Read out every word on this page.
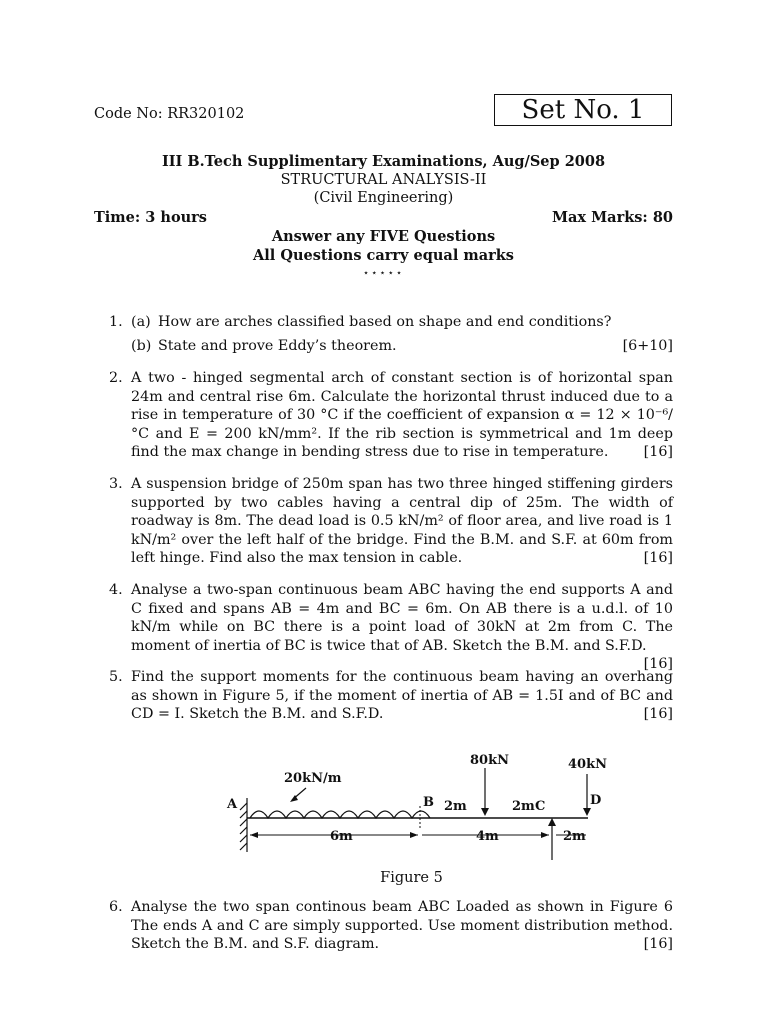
Code No: RR320102	Set No. 1
III B.Tech Supplimentary Examinations, Aug/Sep 2008
STRUCTURAL ANALYSIS-II
(Civil Engineering)
Time: 3 hours	Max Marks: 80
Answer any FIVE Questions
All Questions carry equal marks
⋆⋆⋆⋆⋆
1. (a) How are arches classified based on shape and end conditions?
(b) State and prove Eddy’s theorem.	[6+10]
2. A two - hinged segmental arch of constant section is of horizontal span 24m and central rise 6m. Calculate the horizontal thrust induced due to a rise in temperature of 30 °C if the coefficient of expansion α = 12 × 10⁻⁶/ °C and E = 200 kN/mm². If the rib section is symmetrical and 1m deep find the max change in bending stress due to rise in temperature. [16]
3. A suspension bridge of 250m span has two three hinged stiffening girders supported by two cables having a central dip of 25m. The width of roadway is 8m. The dead load is 0.5 kN/m² of floor area, and live road is 1 kN/m² over the left half of the bridge. Find the B.M. and S.F. at 60m from left hinge. Find also the max tension in cable.	[16]
4. Analyse a two-span continuous beam ABC having the end supports A and C fixed and spans AB = 4m and BC = 6m. On AB there is a u.d.l. of 10 kN/m while on BC there is a point load of 30kN at 2m from C. The moment of inertia of BC is twice that of AB. Sketch the B.M. and S.F.D.
[16]
5. Find the support moments for the continuous beam having an overhang as shown in Figure 5, if the moment of inertia of AB = 1.5I and of BC and CD = I. Sketch the B.M. and S.F.D.	[16]
20kN/m
80kN	40kN
A	B	C	D
2m	2m
6m	4m	2m
Figure 5
6. Analyse the two span continous beam ABC Loaded as shown in Figure 6 The ends A and C are simply supported. Use moment distribution method. Sketch the B.M. and S.F. diagram.	[16]
